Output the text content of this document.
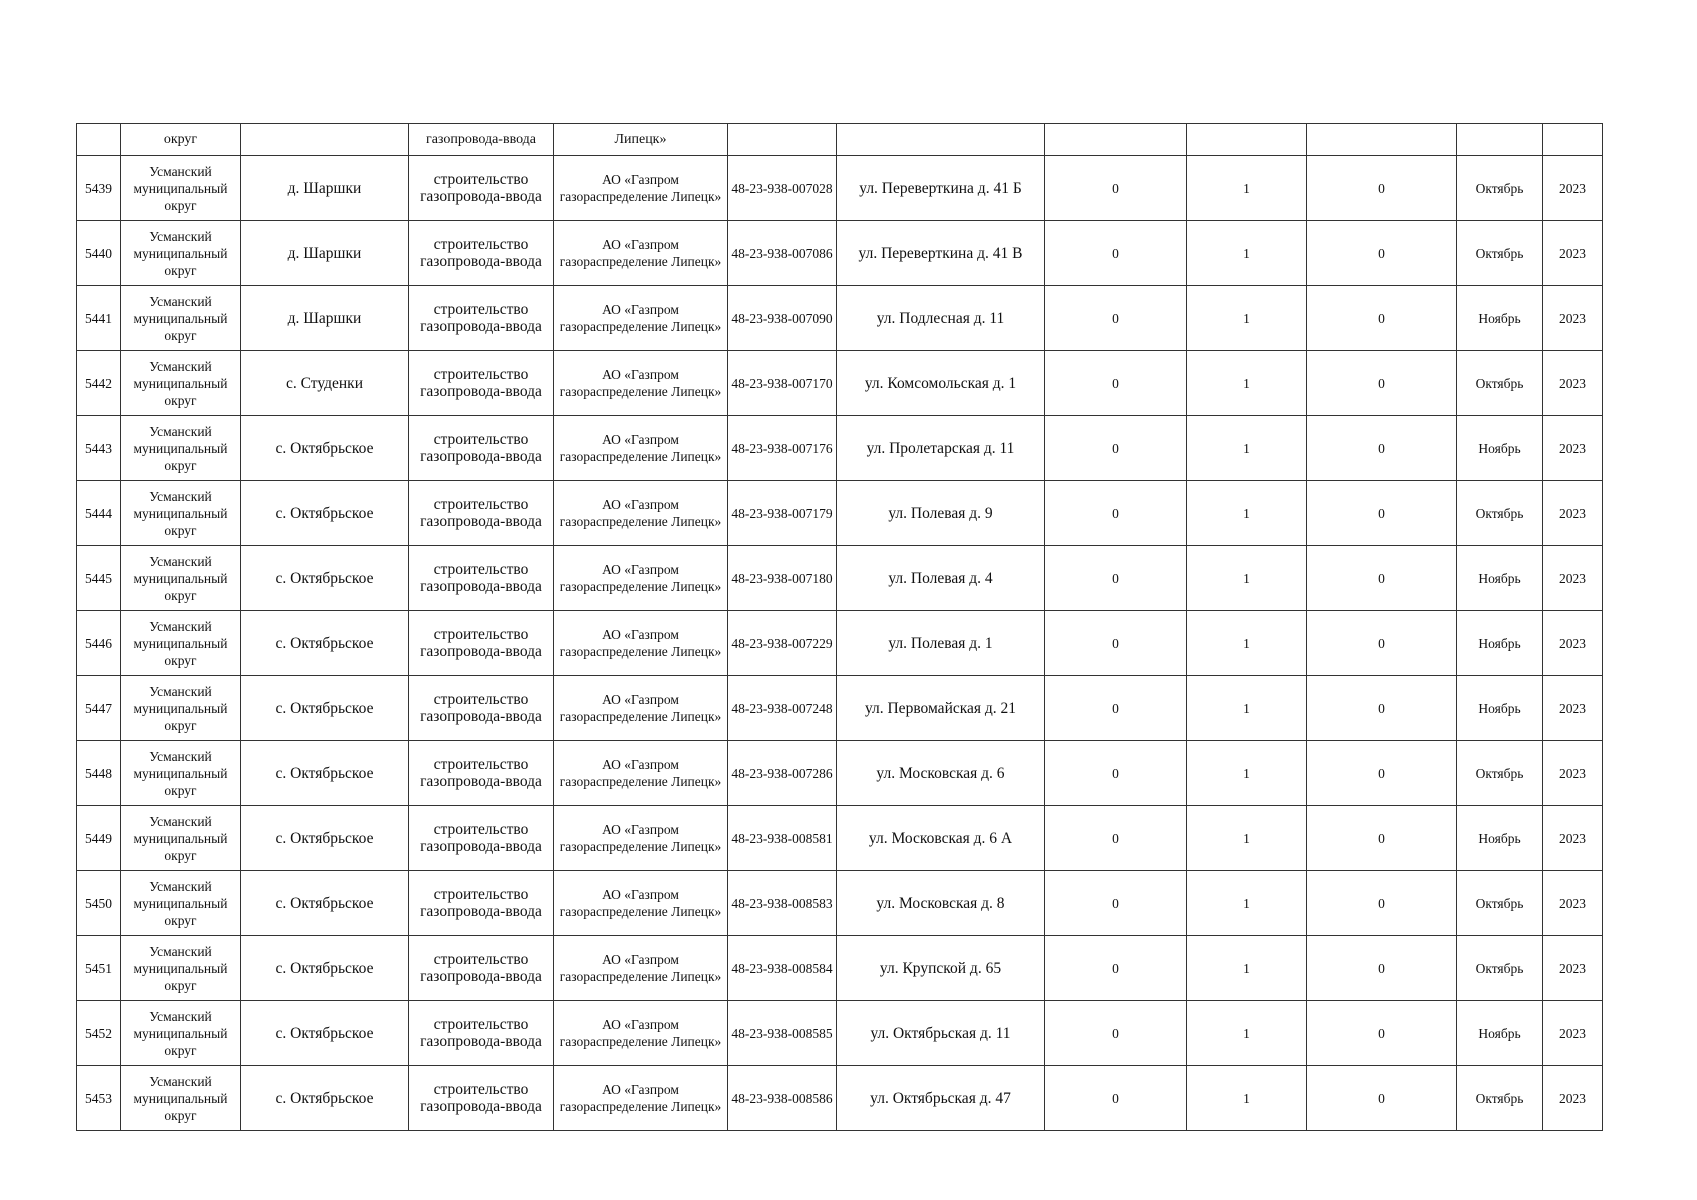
	округ		газопровода-ввода	Липецк»							
5439	Усманский муниципальный округ	д. Шаршки	строительство газопровода-ввода	АО «Газпром газораспределение Липецк»	48-23-938-007028	ул. Переверткина д. 41 Б	0	1	0	Октябрь	2023
5440	Усманский муниципальный округ	д. Шаршки	строительство газопровода-ввода	АО «Газпром газораспределение Липецк»	48-23-938-007086	ул. Переверткина д. 41 В	0	1	0	Октябрь	2023
5441	Усманский муниципальный округ	д. Шаршки	строительство газопровода-ввода	АО «Газпром газораспределение Липецк»	48-23-938-007090	ул. Подлесная д. 11	0	1	0	Ноябрь	2023
5442	Усманский муниципальный округ	с. Студенки	строительство газопровода-ввода	АО «Газпром газораспределение Липецк»	48-23-938-007170	ул. Комсомольская д. 1	0	1	0	Октябрь	2023
5443	Усманский муниципальный округ	с. Октябрьское	строительство газопровода-ввода	АО «Газпром газораспределение Липецк»	48-23-938-007176	ул. Пролетарская д. 11	0	1	0	Ноябрь	2023
5444	Усманский муниципальный округ	с. Октябрьское	строительство газопровода-ввода	АО «Газпром газораспределение Липецк»	48-23-938-007179	ул. Полевая д. 9	0	1	0	Октябрь	2023
5445	Усманский муниципальный округ	с. Октябрьское	строительство газопровода-ввода	АО «Газпром газораспределение Липецк»	48-23-938-007180	ул. Полевая д. 4	0	1	0	Ноябрь	2023
5446	Усманский муниципальный округ	с. Октябрьское	строительство газопровода-ввода	АО «Газпром газораспределение Липецк»	48-23-938-007229	ул. Полевая д. 1	0	1	0	Ноябрь	2023
5447	Усманский муниципальный округ	с. Октябрьское	строительство газопровода-ввода	АО «Газпром газораспределение Липецк»	48-23-938-007248	ул. Первомайская д. 21	0	1	0	Ноябрь	2023
5448	Усманский муниципальный округ	с. Октябрьское	строительство газопровода-ввода	АО «Газпром газораспределение Липецк»	48-23-938-007286	ул. Московская д. 6	0	1	0	Октябрь	2023
5449	Усманский муниципальный округ	с. Октябрьское	строительство газопровода-ввода	АО «Газпром газораспределение Липецк»	48-23-938-008581	ул. Московская д. 6 А	0	1	0	Ноябрь	2023
5450	Усманский муниципальный округ	с. Октябрьское	строительство газопровода-ввода	АО «Газпром газораспределение Липецк»	48-23-938-008583	ул. Московская д. 8	0	1	0	Октябрь	2023
5451	Усманский муниципальный округ	с. Октябрьское	строительство газопровода-ввода	АО «Газпром газораспределение Липецк»	48-23-938-008584	ул. Крупской д. 65	0	1	0	Октябрь	2023
5452	Усманский муниципальный округ	с. Октябрьское	строительство газопровода-ввода	АО «Газпром газораспределение Липецк»	48-23-938-008585	ул. Октябрьская д. 11	0	1	0	Ноябрь	2023
5453	Усманский муниципальный округ	с. Октябрьское	строительство газопровода-ввода	АО «Газпром газораспределение Липецк»	48-23-938-008586	ул. Октябрьская д. 47	0	1	0	Октябрь	2023
